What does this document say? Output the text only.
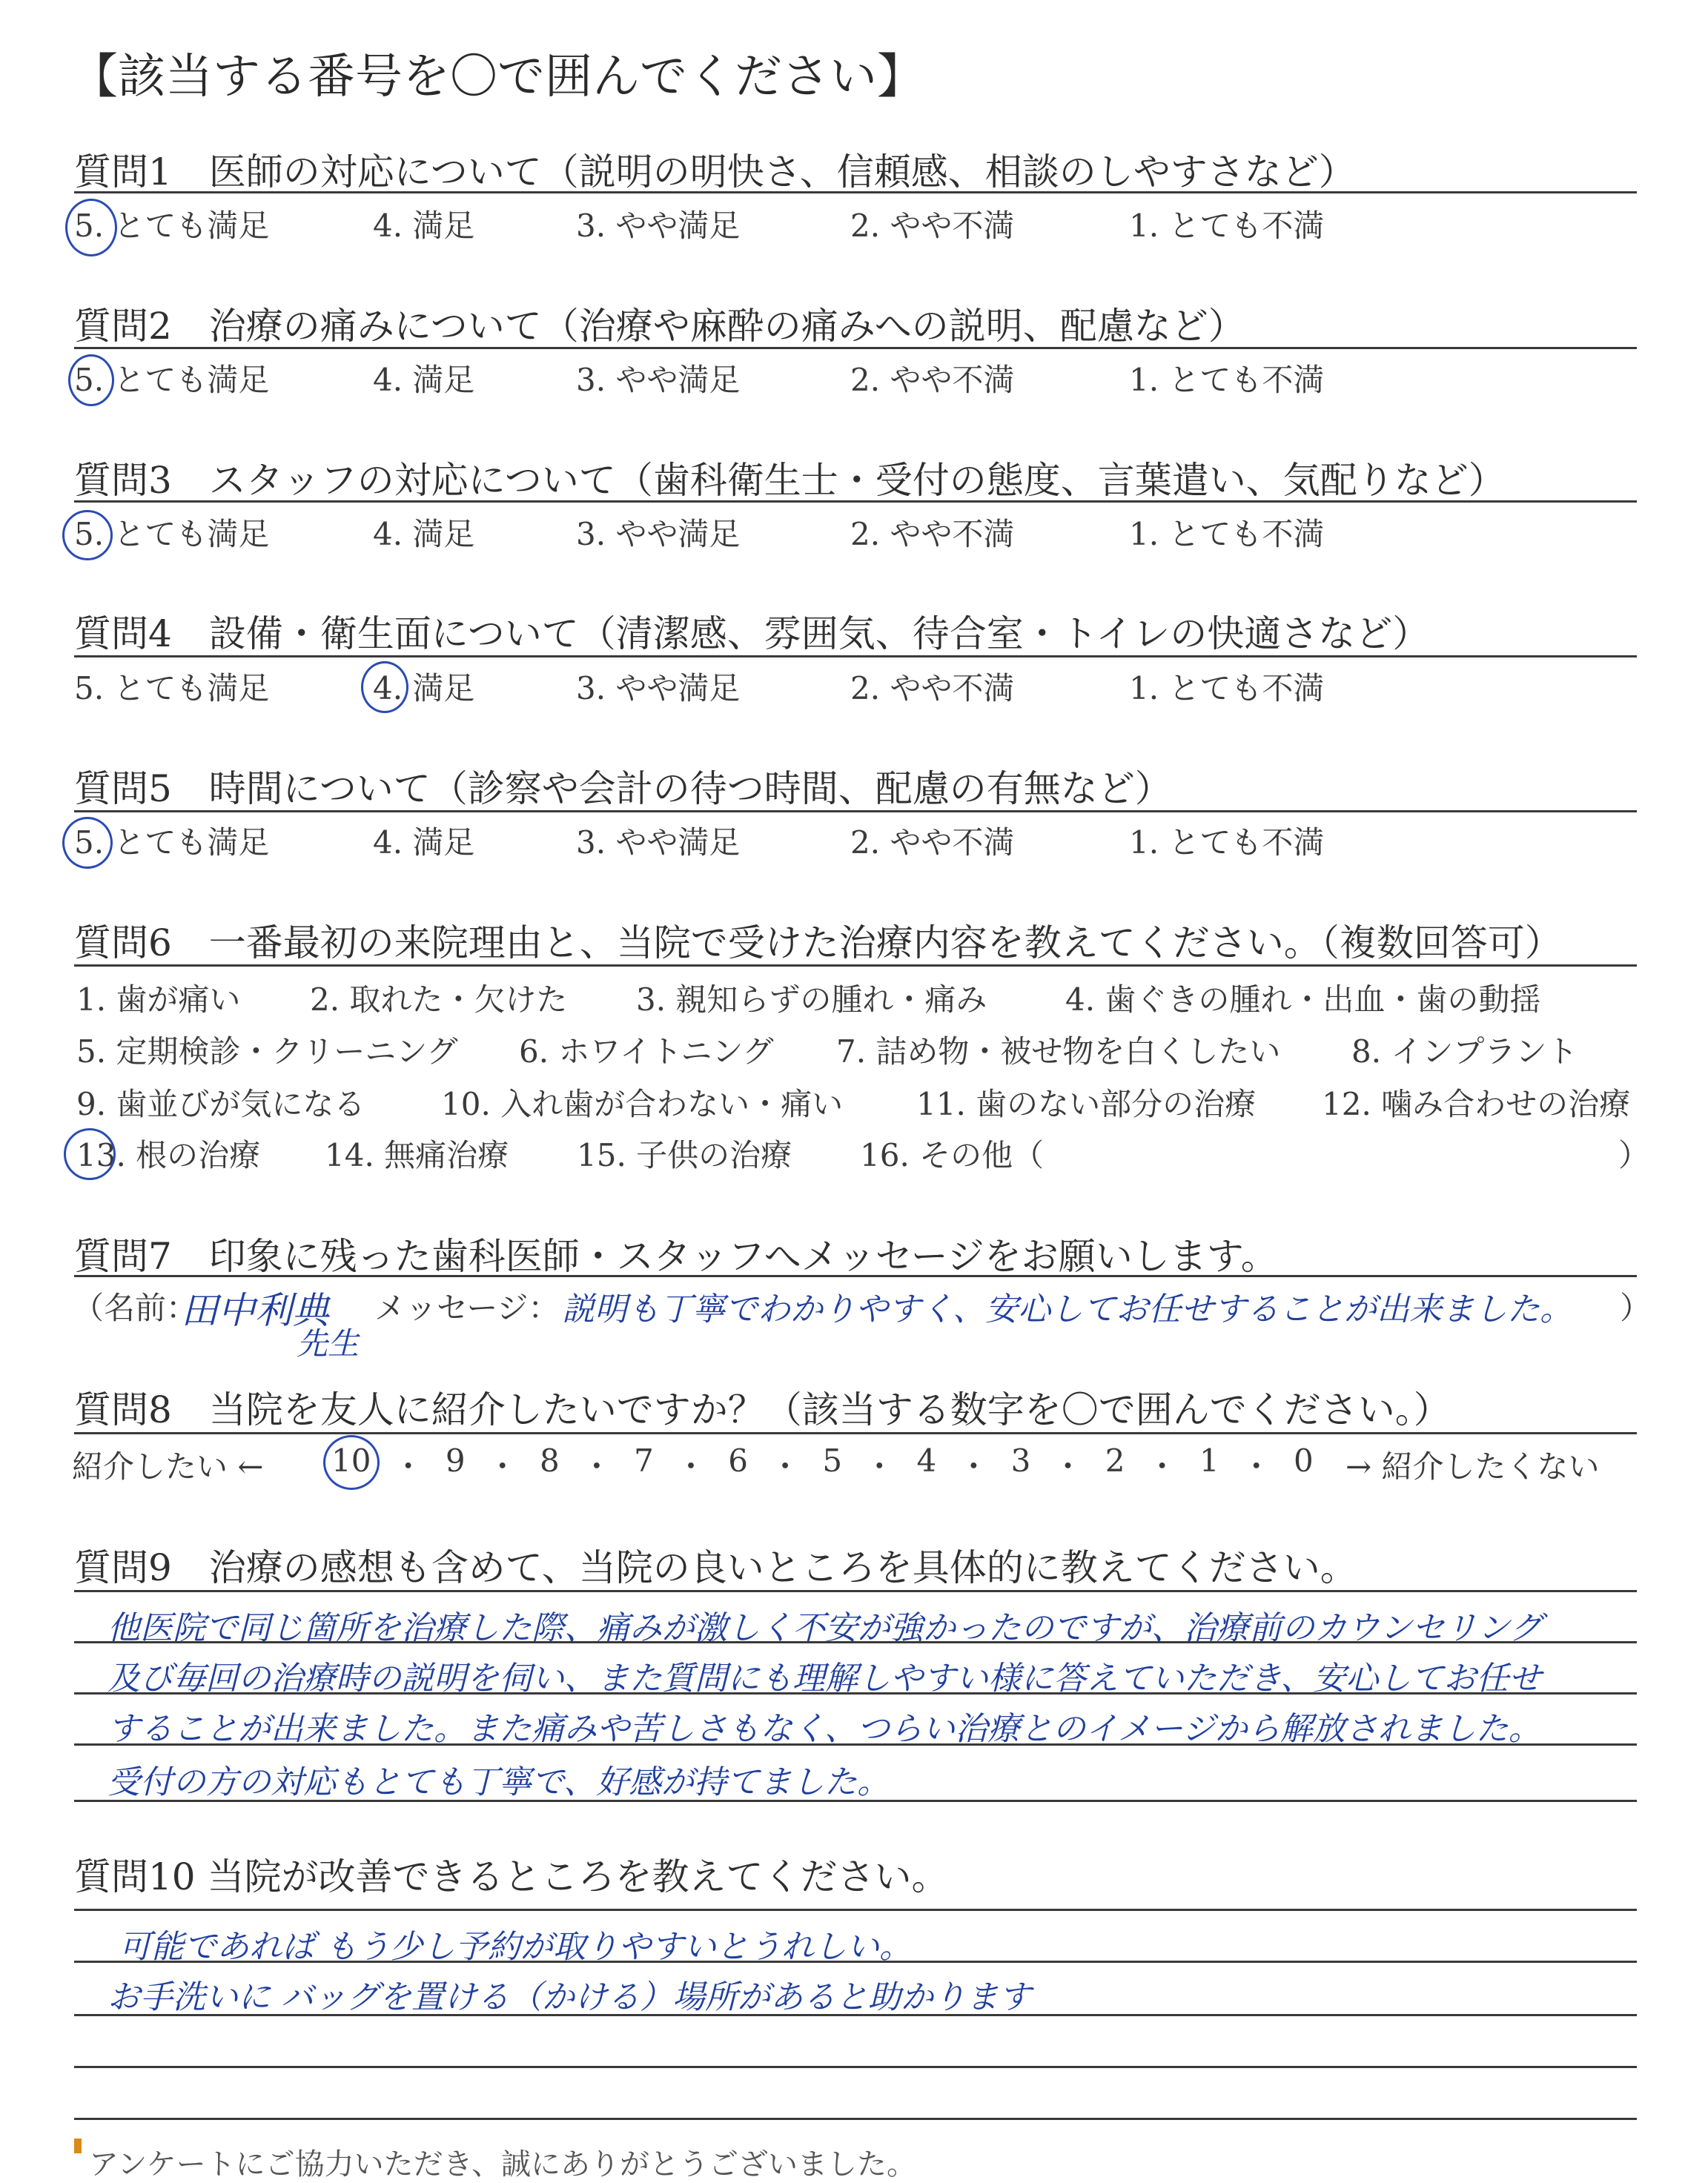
【該当する番号を〇で囲んでください】
質問1　医師の対応について（説明の明快さ、信頼感、相談のしやすさなど）
5. とても満足	4. 満足	3. やや満足	2. やや不満	1. とても不満
質問2　治療の痛みについて（治療や麻酔の痛みへの説明、配慮など）
5. とても満足	4. 満足	3. やや満足	2. やや不満	1. とても不満
質問3　スタッフの対応について（歯科衛生士・受付の態度、言葉遣い、気配りなど）
5. とても満足	4. 満足	3. やや満足	2. やや不満	1. とても不満
質問4　設備・衛生面について（清潔感、雰囲気、待合室・トイレの快適さなど）
5. とても満足	4. 満足	3. やや満足	2. やや不満	1. とても不満
質問5　時間について（診察や会計の待つ時間、配慮の有無など）
5. とても満足	4. 満足	3. やや満足	2. やや不満	1. とても不満
質問6　一番最初の来院理由と、当院で受けた治療内容を教えてください。（複数回答可）
1. 歯が痛い 2. 取れた・欠けた 3. 親知らずの腫れ・痛み	4. 歯ぐきの腫れ・出血・歯の動揺
5. 定期検診・クリーニング 6. ホワイトニング 7. 詰め物・被せ物を白くしたい 8. インプラント
9. 歯並びが気になる 10. 入れ歯が合わない・痛い 11. 歯のない部分の治療 12. 噛み合わせの治療
13. 根の治療 14. 無痛治療 15. 子供の治療 16. その他（	）
質問7　印象に残った歯科医師・スタッフへメッセージをお願いします。
（名前：
田中利典
先生
メッセージ： 説明も丁寧でわかりやすく、安心してお任せすることが出来ました。 ）
質問8　当院を友人に紹介したいですか？（該当する数字を〇で囲んでください。）
紹介したい ← 10 ・ 9 ・ 8 ・ 7 ・ 6 ・ 5 ・ 4 ・ 3 ・ 2 ・ 1 ・ 0 → 紹介したくない
質問9　治療の感想も含めて、当院の良いところを具体的に教えてください。
他医院で同じ箇所を治療した際、痛みが激しく不安が強かったのですが、治療前のカウンセリング
及び毎回の治療時の説明を伺い、また質問にも理解しやすい様に答えていただき、安心してお任せ
することが出来ました。また痛みや苦しさもなく、つらい治療とのイメージから解放されました。
受付の方の対応もとても丁寧で、好感が持てました。
質問10 当院が改善できるところを教えてください。
可能であれば もう少し予約が取りやすいとうれしい。
お手洗いに バッグを置ける（かける）場所があると助かります
アンケートにご協力いただき、誠にありがとうございました。
